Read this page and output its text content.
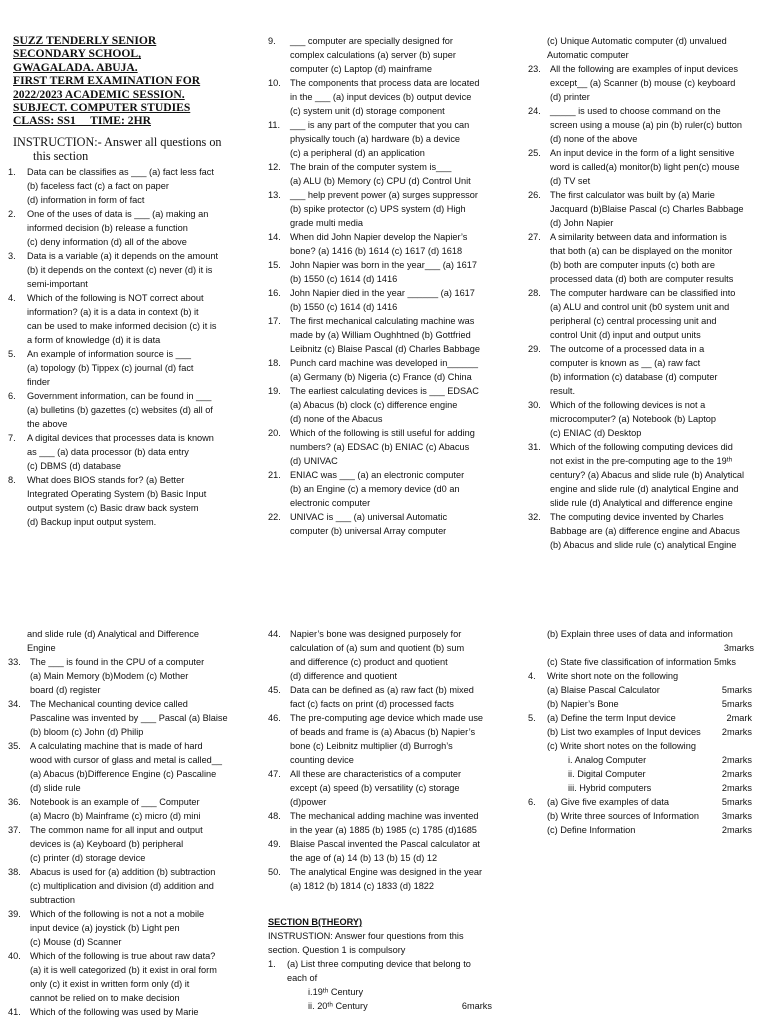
SUZZ TENDERLY SENIOR
SECONDARY SCHOOL,
GWAGALADA. ABUJA.
FIRST TERM EXAMINATION FOR
2022/2023 ACADEMIC SESSION.
SUBJECT. COMPUTER STUDIES
CLASS: SS1     TIME: 2HR
INSTRUCTION:- Answer all questions on
this section
1.	Data can be classifies as ___ (a) fact less fact
(b) faceless fact (c) a fact on paper
(d) information in form of fact
2.	One of the uses of data is ___ (a) making an
informed decision (b) release a function
(c) deny information (d) all of the above
3.	Data is a variable (a) it depends on the amount
(b) it depends on the context (c) never (d) it is
semi-important
4.	Which of the following is NOT correct about
information? (a) it is a data in context (b) it
can be used to make informed decision (c) it is
a form of knowledge (d) it is data
5.	An example of information source is ___
(a) topology (b) Tippex (c) journal (d) fact
finder
6.	Government information, can be found in ___
(a) bulletins (b) gazettes (c) websites (d) all of
the above
7.	A digital devices that processes data is known
as ___ (a) data processor (b) data entry
(c) DBMS (d) database
8.	What does BIOS stands for? (a) Better
Integrated Operating System (b) Basic Input
output system (c) Basic draw back system
(d) Backup input output system.
9.	___ computer are specially designed for
complex calculations (a) server (b) super
computer (c) Laptop (d) mainframe
10.	The components that process data are located
in the ___ (a) input devices (b) output device
(c) system unit (d) storage component
11.	___ is any part of the computer that you can
physically touch (a) hardware (b) a device
(c) a peripheral (d) an application
12.	The brain of the computer system is___
(a) ALU (b) Memory (c) CPU (d) Control Unit
13.	___ help prevent power (a) surges suppressor
(b) spike protector (c) UPS system (d) High
grade multi media
14.	When did John Napier develop the Napier’s
bone? (a) 1416 (b) 1614 (c) 1617 (d) 1618
15.	John Napier was born in the year___ (a) 1617
(b) 1550 (c) 1614 (d) 1416
16.	John Napier died in the year ______ (a) 1617
(b) 1550 (c) 1614 (d) 1416
17.	The first mechanical calculating machine was
made by (a) William Oughhtned (b) Gottfried
Leibnitz (c) Blaise Pascal (d) Charles Babbage
18.	Punch card machine was developed in______
(a) Germany (b) Nigeria (c) France (d) China
19.	The earliest calculating devices is ___ EDSAC
(a) Abacus (b) clock (c) difference engine
(d) none of the Abacus
20.	Which of the following is still useful for adding
numbers? (a) EDSAC (b) ENIAC (c) Abacus
(d) UNIVAC
21.	ENIAC was ___ (a) an electronic computer
(b) an Engine (c) a memory device (d0 an
electronic computer
22.	UNIVAC is ___ (a) universal Automatic
computer (b) universal Array computer
(c) Unique Automatic computer (d) unvalued
Automatic computer
23.	All the following are examples of input devices
except__ (a) Scanner (b) mouse (c) keyboard
(d) printer
24.	_____ is used to choose command on the
screen using a mouse (a) pin (b) ruler(c) button
(d) none of the above
25.	An input device in the form of a light sensitive
word is called(a) monitor(b) light pen(c) mouse
(d) TV set
26.	The first calculator was built by (a) Marie
Jacquard (b)Blaise Pascal (c) Charles Babbage
(d) John Napier
27.	A similarity between data and information is
that both (a) can be displayed on the monitor
(b) both are computer inputs (c) both are
processed data (d) both are computer results
28.	The computer hardware can be classified into
(a) ALU and control unit (b0 system unit and
peripheral (c) central processing unit and
control Unit (d) input and output units
29.	The outcome of a processed data in a
computer is known as __ (a) raw fact
(b) information (c) database (d) computer
result.
30.	Which of the following devices is not a
microcomputer? (a) Notebook (b) Laptop
(c) ENIAC (d) Desktop
31.	Which of the following computing devices did
not exist in the pre-computing age to the 19ᵗʰ
century? (a) Abacus and slide rule (b) Analytical
engine and slide rule (d) analytical Engine and
slide rule (d) Analytical and difference engine
32.	The computing device invented by Charles
Babbage are (a) difference engine and Abacus
(b) Abacus and slide rule (c) analytical Engine
and slide rule (d) Analytical and Difference
Engine
33.	The ___ is found in the CPU of a computer
(a) Main Memory (b)Modem (c) Mother
board (d) register
34.	The Mechanical counting device called
Pascaline was invented by ___ Pascal (a) Blaise
(b) bloom (c) John (d) Philip
35.	A calculating machine that is made of hard
wood with cursor of glass and metal is called__
(a) Abacus (b)Difference Engine (c) Pascaline
(d) slide rule
36.	Notebook is an example of ___ Computer
(a) Macro (b) Mainframe (c) micro (d) mini
37.	The common name for all input and output
devices is (a) Keyboard (b) peripheral
(c) printer (d) storage device
38.	Abacus is used for (a) addition (b) subtraction
(c) multiplication and division (d) addition and
subtraction
39.	Which of the following is not a not a mobile
input device (a) joystick (b) Light pen
(c) Mouse (d) Scanner
40.	Which of the following is true about raw data?
(a) it is well categorized (b) it exist in oral form
only (c) it exist in written form only (d) it
cannot be relied on to make decision
41.	Which of the following was used by Marie
44.	Napier’s bone was designed purposely for
calculation of (a) sum and quotient (b) sum
and difference (c) product and quotient
(d) difference and quotient
45.	Data can be defined as (a) raw fact (b) mixed
fact (c) facts on print (d) processed facts
46.	The pre-computing age device which made use
of beads and frame is (a) Abacus (b) Napier’s
bone (c) Leibnitz multiplier (d) Burrogh’s
counting device
47.	All these are characteristics of a computer
except (a) speed (b) versatility (c) storage
(d)power
48.	The mechanical adding machine was invented
in the year (a) 1885 (b) 1985 (c) 1785 (d)1685
49.	Blaise Pascal invented the Pascal calculator at
the age of (a) 14 (b) 13 (b) 15 (d) 12
50.	The analytical Engine was designed in the year
(a) 1812 (b) 1814 (c) 1833 (d) 1822
SECTION B(THEORY)
INSTRUSTION: Answer four questions from this
section. Question 1 is compulsory
1.	(a) List three computing device that belong to
each of
i.19ᵗʰ Century
ii. 20ᵗʰ Century	6marks
(b) Explain three uses of data and information
3marks
(c) State five classification of information 5mks
4.	Write short note on the following
(a) Blaise Pascal Calculator	5marks
(b) Napier’s Bone	5marks
5.	(a) Define the term Input device	2mark
(b) List two examples of Input devices	2marks
(c) Write short notes on the following
i. Analog Computer	2marks
ii. Digital Computer	2marks
iii. Hybrid computers	2marks
6.	(a) Give five examples of data	5marks
(b) Write three sources of Information	3marks
(c) Define Information	2marks
